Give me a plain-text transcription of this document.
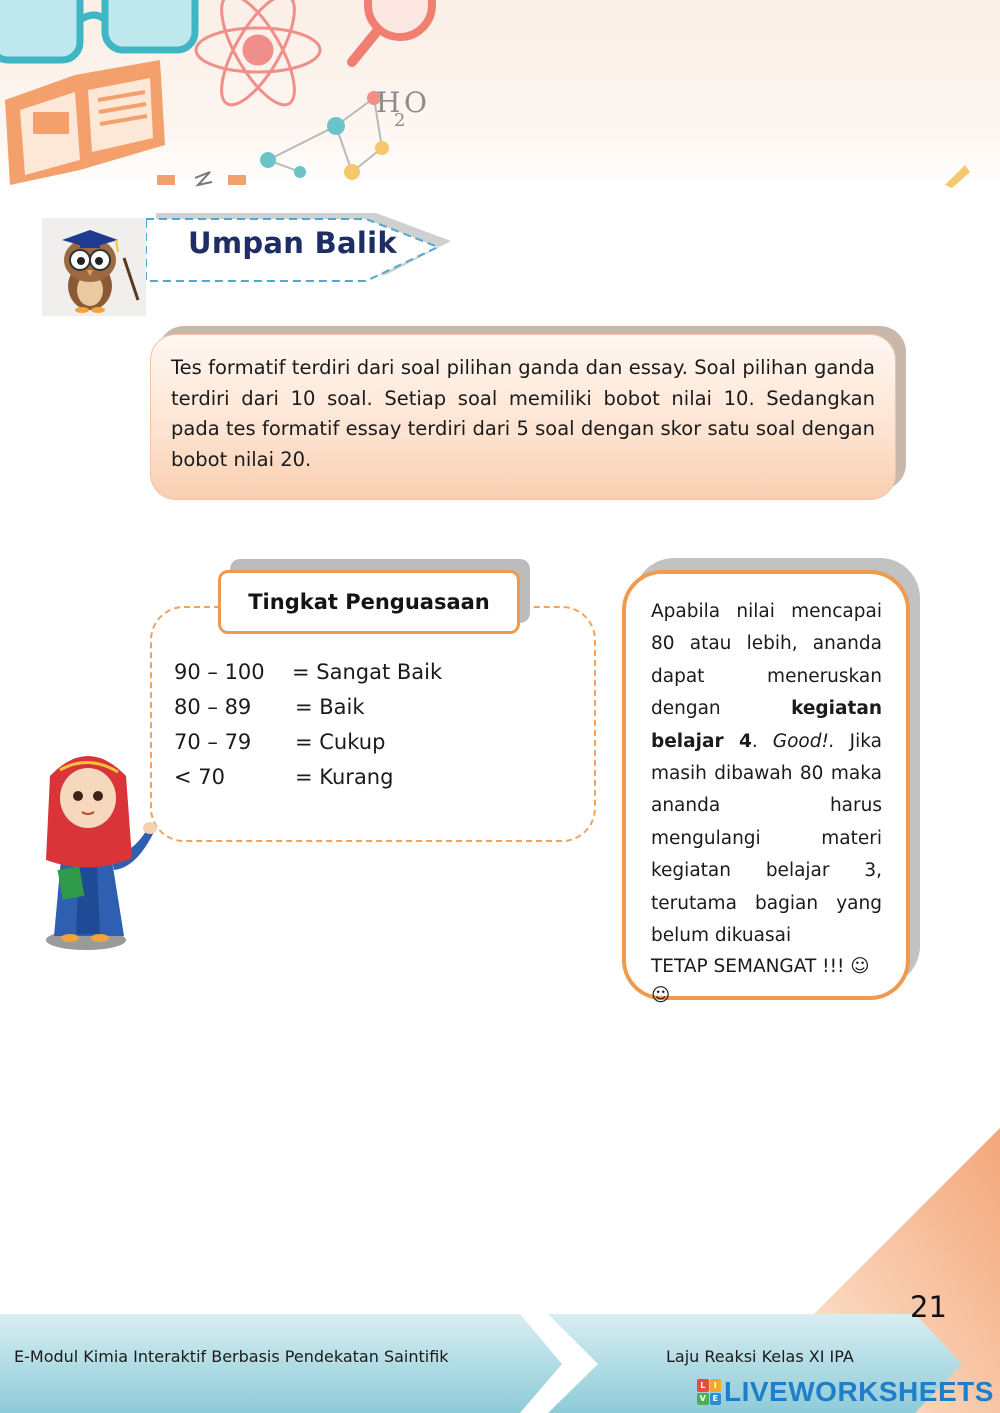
H
2
O
Umpan Balik

Tes formatif terdiri dari soal pilihan ganda dan essay. Soal pilihan ganda terdiri dari 10 soal. Setiap soal memiliki bobot nilai 10. Sedangkan pada tes formatif essay terdiri dari 5 soal dengan skor satu soal dengan bobot nilai 20.

Tingkat Penguasaan
90 – 100 = Sangat Baik
80 – 89 = Baik
70 – 79 = Cukup
< 70	= Kurang

Apabila nilai mencapai 80 atau lebih, ananda dapat meneruskan dengan kegiatan belajar 4. Good!. Jika masih dibawah 80 maka ananda harus mengulangi materi kegiatan belajar 3, terutama bagian yang belum dikuasai

TETAP SEMANGAT !!! ☺ ☺

21
E-Modul Kimia Interaktif Berbasis Pendekatan Saintifik	Laju Reaksi Kelas XI IPA
L	I
V E LIVEWORKSHEETS
